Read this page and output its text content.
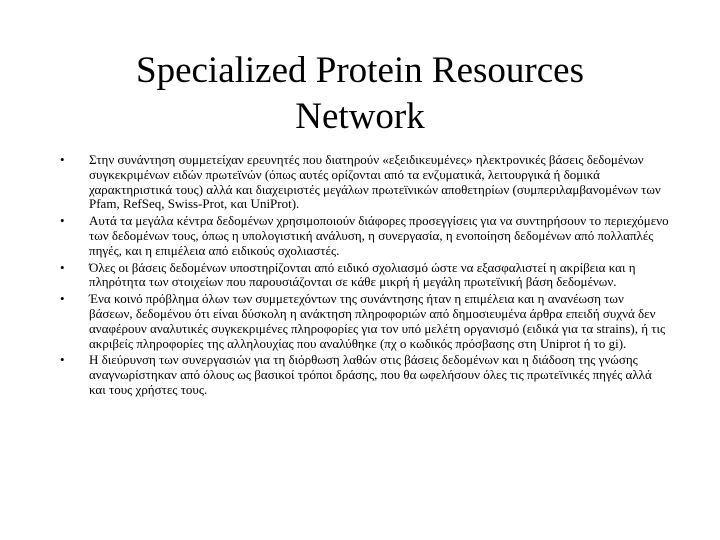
Specialized Protein Resources
Network
•	Στην συνάντηση συμμετείχαν ερευνητές που διατηρούν «εξειδικευμένες» ηλεκτρονικές βάσεις δεδομένων συγκεκριμένων ειδών πρωτεϊνών (όπως αυτές ορίζονται από τα ενζυματικά, λειτουργικά ή δομικά χαρακτηριστικά τους) αλλά και διαχειριστές μεγάλων πρωτεϊνικών αποθετηρίων (συμπεριλαμβανομένων των Pfam, RefSeq, Swiss-Prot, και UniProt).
•	Αυτά τα μεγάλα κέντρα δεδομένων χρησιμοποιούν διάφορες προσεγγίσεις για να συντηρήσουν το περιεχόμενο των δεδομένων τους, όπως η υπολογιστική ανάλυση, η συνεργασία, η ενοποίηση δεδομένων από πολλαπλές πηγές, και η επιμέλεια από ειδικούς σχολιαστές.
•	Όλες οι βάσεις δεδομένων υποστηρίζονται από ειδικό σχολιασμό ώστε να εξασφαλιστεί η ακρίβεια και η πληρότητα των στοιχείων που παρουσιάζονται σε κάθε μικρή ή μεγάλη πρωτεϊνική βάση δεδομένων.
•	Ένα κοινό πρόβλημα όλων των συμμετεχόντων της συνάντησης ήταν η επιμέλεια και η ανανέωση των βάσεων, δεδομένου ότι είναι δύσκολη η ανάκτηση πληροφοριών από δημοσιευμένα άρθρα επειδή συχνά δεν αναφέρουν αναλυτικές συγκεκριμένες πληροφορίες για τον υπό μελέτη οργανισμό (ειδικά για τα strains), ή τις ακριβείς πληροφορίες της αλληλουχίας που αναλύθηκε (πχ ο κωδικός πρόσβασης στη Uniprot ή το gi).
•	Η διεύρυνση των συνεργασιών για τη διόρθωση λαθών στις βάσεις δεδομένων και η διάδοση της γνώσης αναγνωρίστηκαν από όλους ως βασικοί τρόποι δράσης, που θα ωφελήσουν όλες τις πρωτεϊνικές πηγές αλλά και τους χρήστες τους.
